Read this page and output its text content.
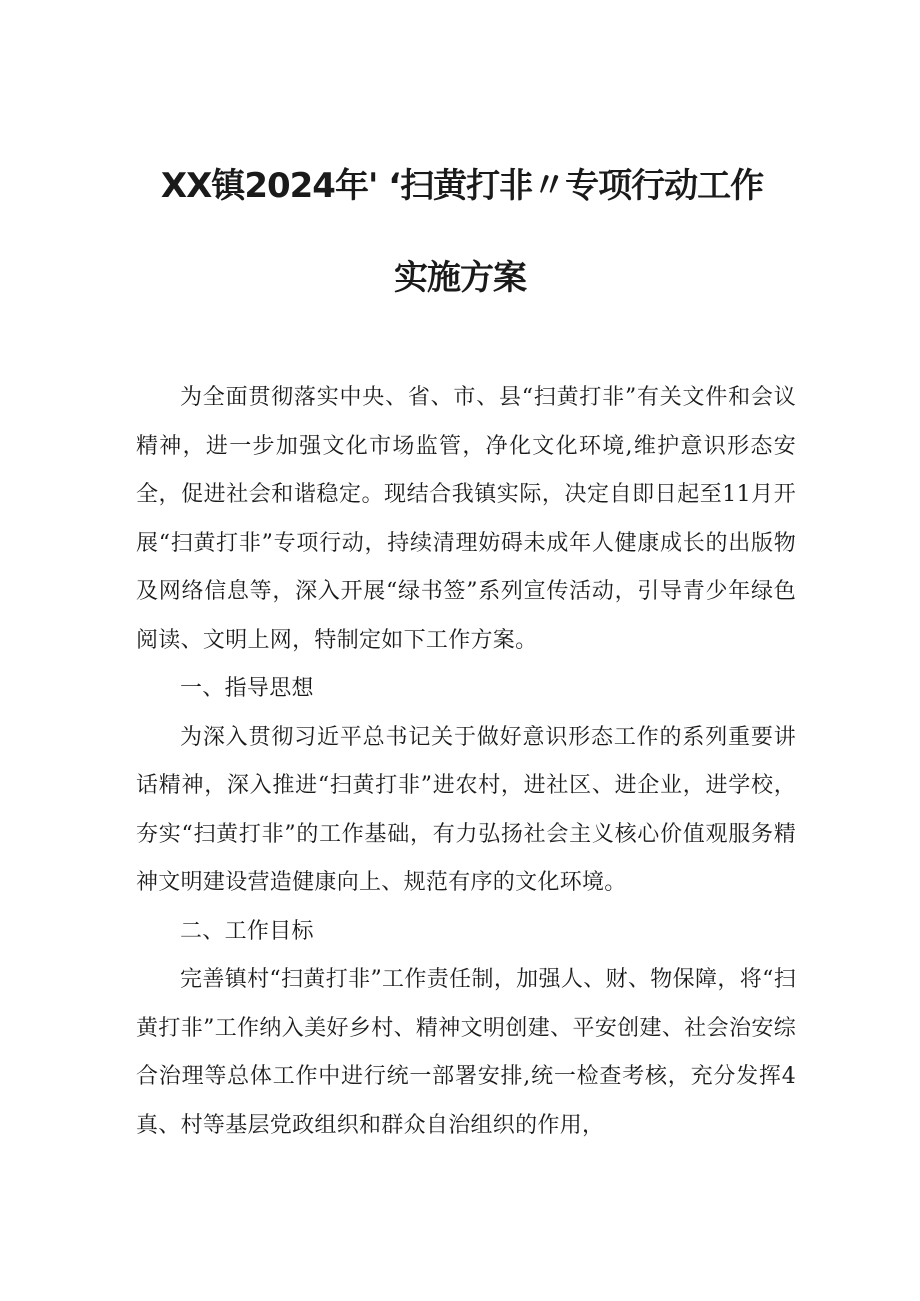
XX镇2024年' ‘扫黄打非〃专项行动工作
实施方案

为全面贯彻落实中央、省、市、县“扫黄打非”有关文件和会议精神，进一步加强文化市场监管，净化文化环境,维护意识形态安全，促进社会和谐稳定。现结合我镇实际，决定自即日起至11月开展“扫黄打非”专项行动，持续清理妨碍未成年人健康成长的出版物及网络信息等，深入开展“绿书签”系列宣传活动，引导青少年绿色阅读、文明上网，特制定如下工作方案。

一、指导思想

为深入贯彻习近平总书记关于做好意识形态工作的系列重要讲话精神，深入推进“扫黄打非”进农村，进社区、进企业，进学校，夯实“扫黄打非”的工作基础，有力弘扬社会主义核心价值观服务精神文明建设营造健康向上、规范有序的文化环境。

二、工作目标

完善镇村“扫黄打非”工作责任制，加强人、财、物保障，将“扫黄打非”工作纳入美好乡村、精神文明创建、平安创建、社会治安综合治理等总体工作中进行统一部署安排,统一检查考核，充分发挥4真、村等基层党政组织和群众自治组织的作用，
